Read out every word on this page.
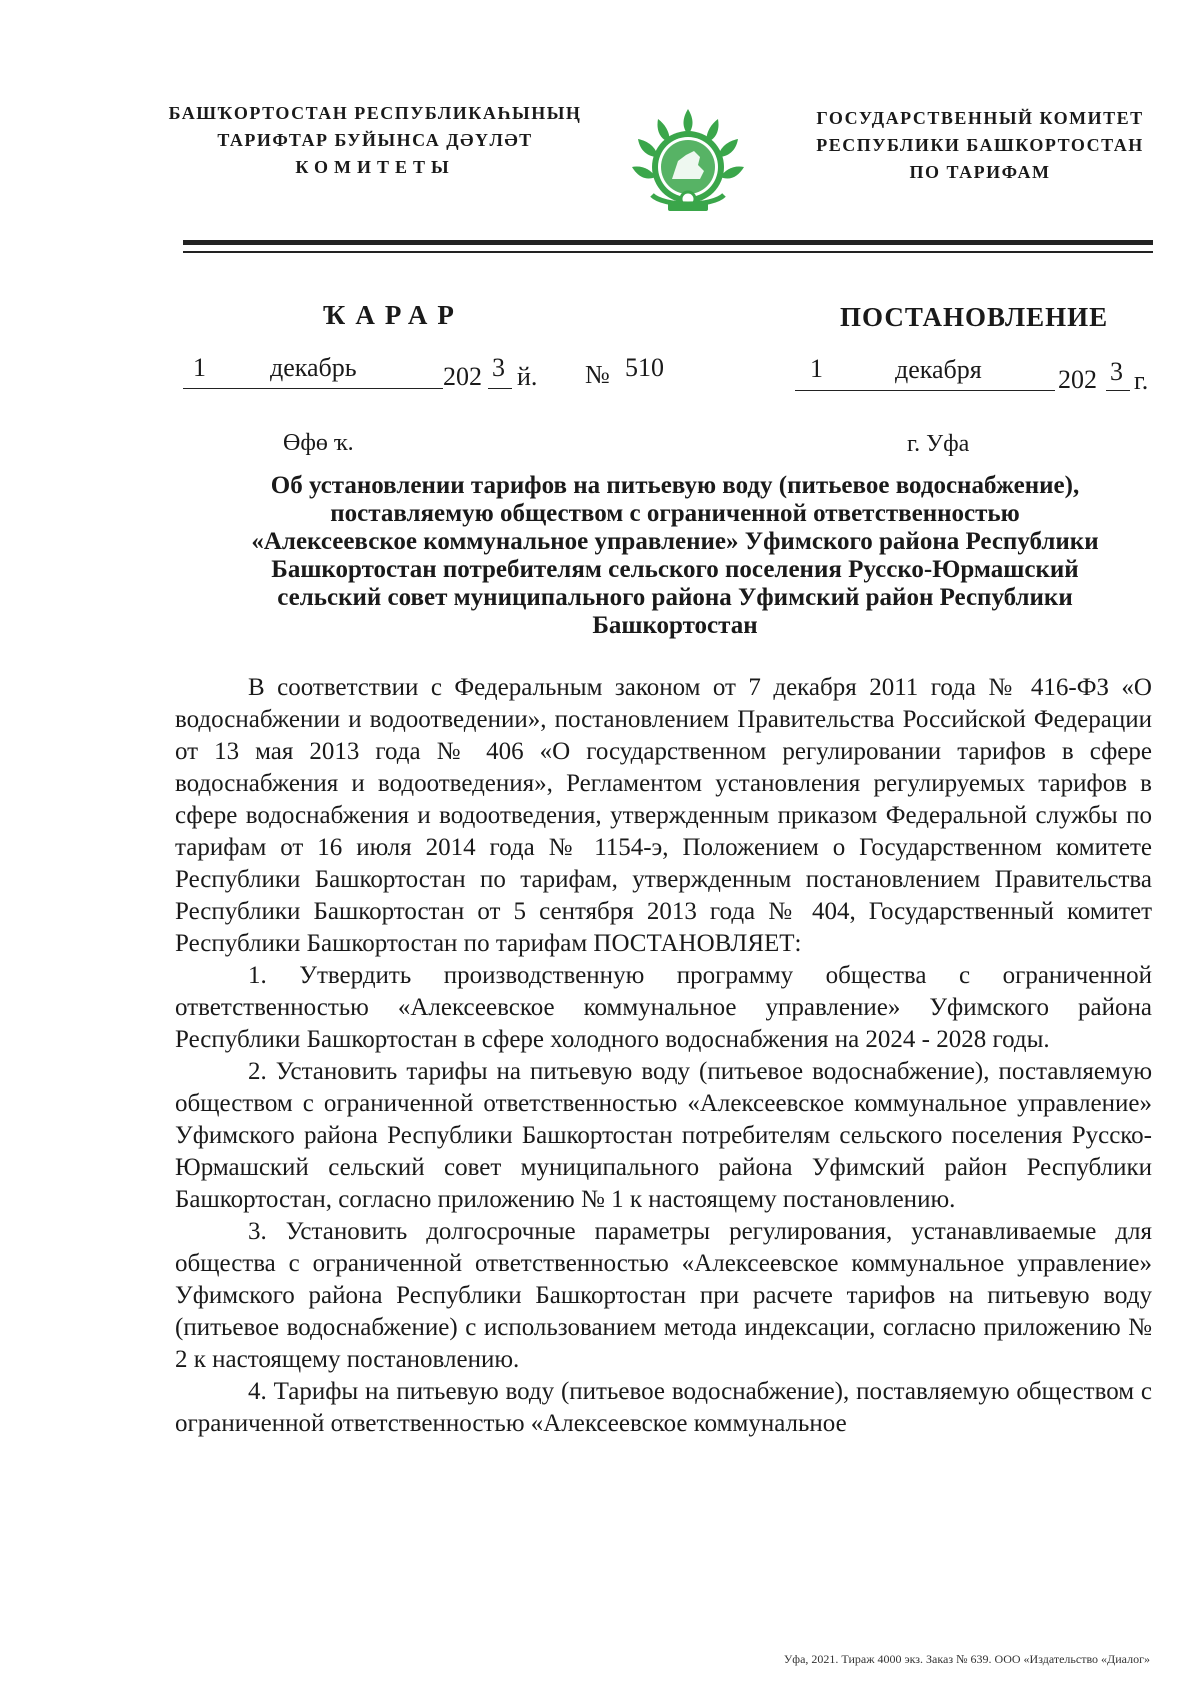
БАШҠОРТОСТАН РЕСПУБЛИКАҺЫНЫҢ
ТАРИФТАР БУЙЫНСА ДӘҮЛӘТ
КОМИТЕТЫ
ГОСУДАРСТВЕННЫЙ КОМИТЕТ
РЕСПУБЛИКИ БАШКОРТОСТАН
ПО ТАРИФАМ
ҠАРАР	ПОСТАНОВЛЕНИЕ
1 декабрь	202 3 й. № 510	1	декабря	202 3 г.
Өфө ҡ.	г. Уфа
Об установлении тарифов на питьевую воду (питьевое водоснабжение),
поставляемую обществом с ограниченной ответственностью
«Алексеевское коммунальное управление» Уфимского района Республики
Башкортостан потребителям сельского поселения Русско-Юрмашский
сельский совет муниципального района Уфимский район Республики
Башкортостан

В соответствии с Федеральным законом от 7 декабря 2011 года № 416-ФЗ «О водоснабжении и водоотведении», постановлением Правительства Российской Федерации от 13 мая 2013 года № 406 «О государственном регулировании тарифов в сфере водоснабжения и водоотведения», Регламентом установления регулируемых тарифов в сфере водоснабжения и водоотведения, утвержденным приказом Федеральной службы по тарифам от 16 июля 2014 года № 1154-э, Положением о Государственном комитете Республики Башкортостан по тарифам, утвержденным постановлением Правительства Республики Башкортостан от 5 сентября 2013 года № 404, Государственный комитет Республики Башкортостан по тарифам ПОСТАНОВЛЯЕТ:

1. Утвердить производственную программу общества с ограниченной ответственностью «Алексеевское коммунальное управление» Уфимского района Республики Башкортостан в сфере холодного водоснабжения на 2024 - 2028 годы.

2. Установить тарифы на питьевую воду (питьевое водоснабжение), поставляемую обществом с ограниченной ответственностью «Алексеевское коммунальное управление» Уфимского района Республики Башкортостан потребителям сельского поселения Русско-Юрмашский сельский совет муниципального района Уфимский район Республики Башкортостан, согласно приложению № 1 к настоящему постановлению.

3. Установить долгосрочные параметры регулирования, устанавливаемые для общества с ограниченной ответственностью «Алексеевское коммунальное управление» Уфимского района Республики Башкортостан при расчете тарифов на питьевую воду (питьевое водоснабжение) с использованием метода индексации, согласно приложению № 2 к настоящему постановлению.

4. Тарифы на питьевую воду (питьевое водоснабжение), поставляемую обществом с ограниченной ответственностью «Алексеевское коммунальное

Уфа, 2021. Тираж 4000 экз. Заказ № 639. ООО «Издательство «Диалог»
